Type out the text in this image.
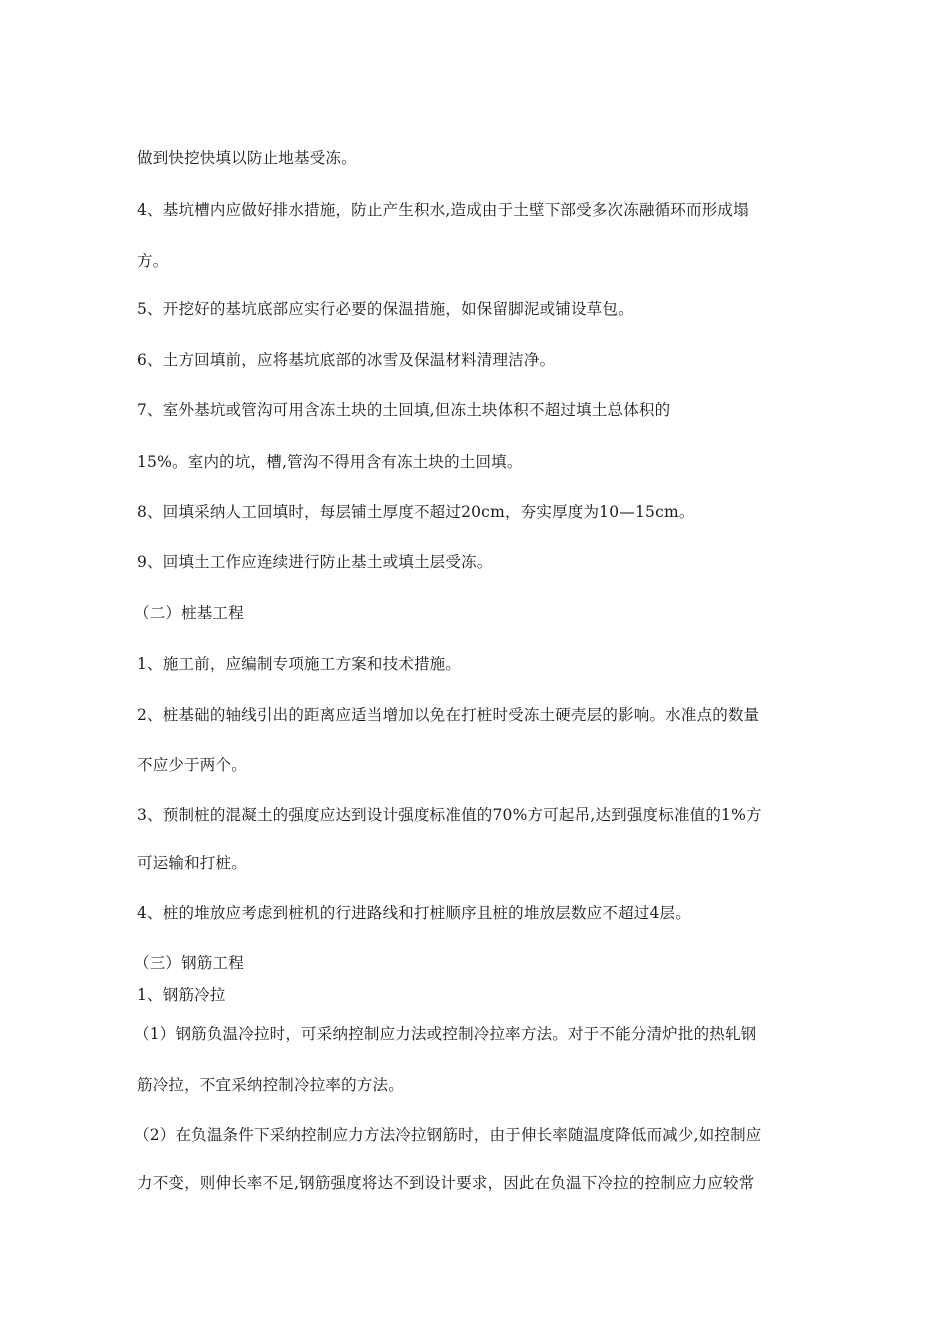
做到快挖快填以防止地基受冻。
4、基坑槽内应做好排水措施，防止产生积水,造成由于土壁下部受多次冻融循环而形成塌
方。
5、开挖好的基坑底部应实行必要的保温措施，如保留脚泥或铺设草包。
6、土方回填前，应将基坑底部的冰雪及保温材料清理洁净。
7、室外基坑或管沟可用含冻土块的土回填,但冻土块体积不超过填土总体积的
15%。室内的坑，槽,管沟不得用含有冻土块的土回填。
8、回填采纳人工回填时，每层铺土厚度不超过20cm，夯实厚度为10—15cm。
9、回填土工作应连续进行防止基土或填土层受冻。
（二）桩基工程
1、施工前，应编制专项施工方案和技术措施。
2、桩基础的轴线引出的距离应适当增加以免在打桩时受冻土硬壳层的影响。水准点的数量
不应少于两个。
3、预制桩的混凝土的强度应达到设计强度标准值的70%方可起吊,达到强度标准值的1%方
可运输和打桩。
4、桩的堆放应考虑到桩机的行进路线和打桩顺序且桩的堆放层数应不超过4层。
（三）钢筋工程
1、钢筋冷拉
（1）钢筋负温冷拉时，可采纳控制应力法或控制冷拉率方法。对于不能分清炉批的热轧钢
筋冷拉，不宜采纳控制冷拉率的方法。
（2）在负温条件下采纳控制应力方法冷拉钢筋时，由于伸长率随温度降低而减少,如控制应
力不变，则伸长率不足,钢筋强度将达不到设计要求，因此在负温下冷拉的控制应力应较常
